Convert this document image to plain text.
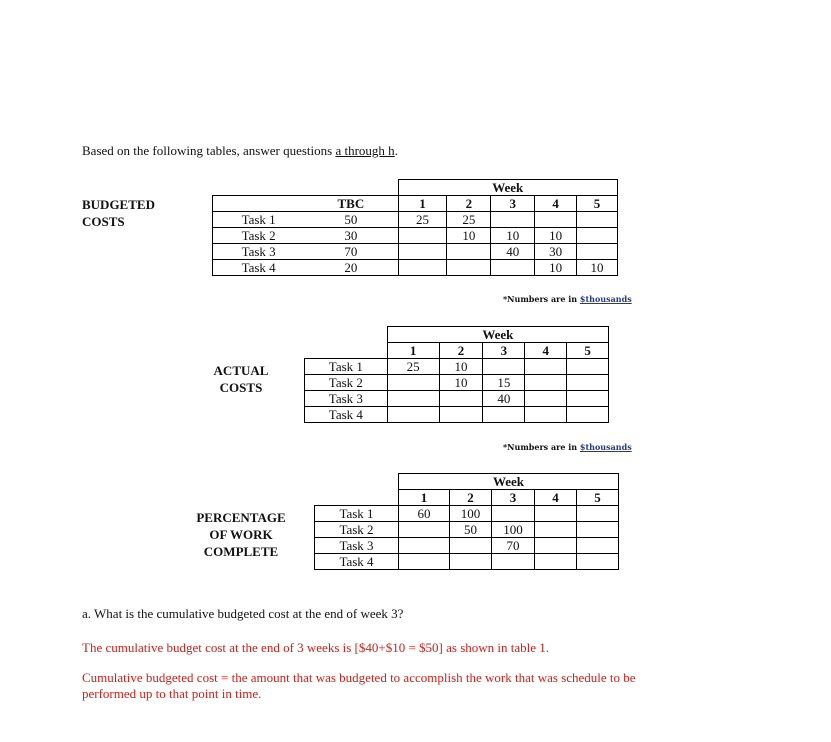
Based on the following tables, answer questions a through h.
BUDGETED
COSTS
		Week				
	TBC	1	2	3	4	5
Task 1	50	25	25			
Task 2	30		10	10	10	
Task 3	70			40	30	
Task 4	20				10	10
*Numbers are in $thousands
ACTUAL
COSTS
	Week				
	1	2	3	4	5
Task 1	25	10			
Task 2		10	15		
Task 3			40		
Task 4					
*Numbers are in $thousands
PERCENTAGE
OF WORK
COMPLETE
	Week				
	1	2	3	4	5
Task 1	60	100			
Task 2		50	100		
Task 3			70		
Task 4					
a. What is the cumulative budgeted cost at the end of week 3?
The cumulative budget cost at the end of 3 weeks is [$40+$10 = $50] as shown in table 1.
Cumulative budgeted cost = the amount that was budgeted to accomplish the work that was schedule to be performed up to that point in time.
